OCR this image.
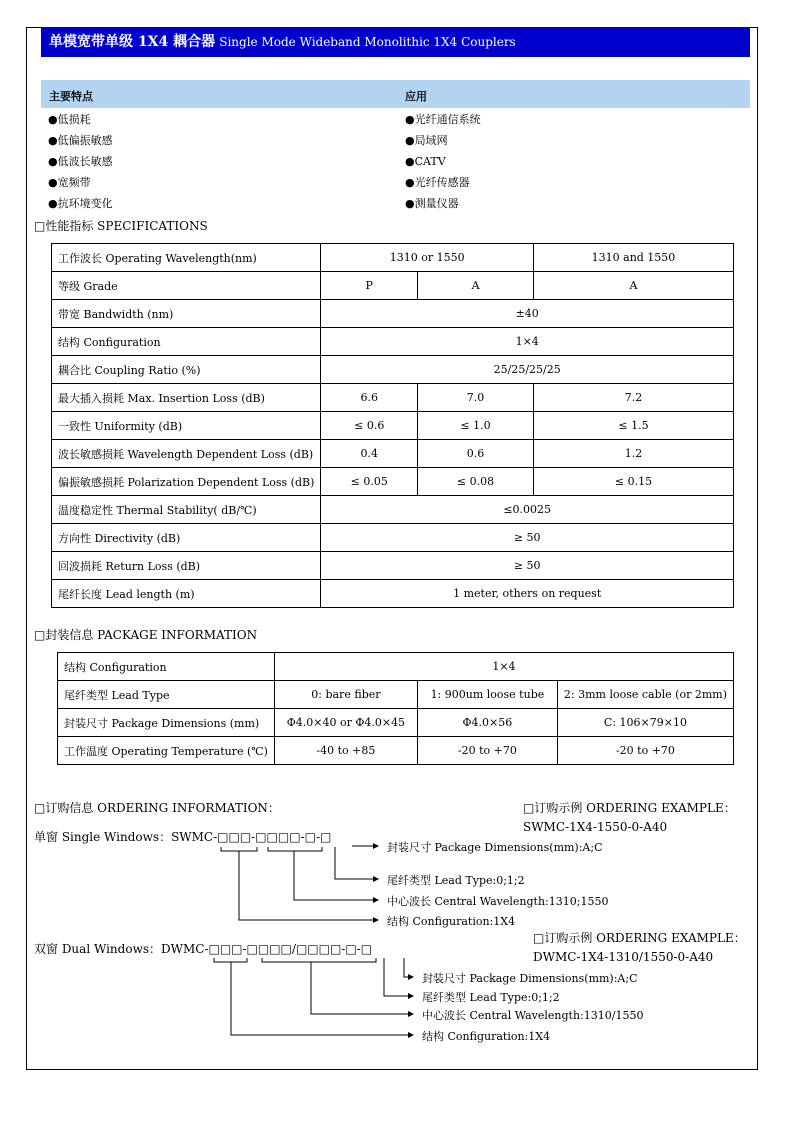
单模宽带单级 1X4 耦合器 Single Mode Wideband Monolithic 1X4 Couplers
主要特点	应用
●低损耗
●低偏振敏感
●低波长敏感
●宽频带
●抗环境变化
●光纤通信系统
●局域网
●CATV
●光纤传感器
●测量仪器
□性能指标 SPECIFICATIONS
工作波长 Operating Wavelength(nm)	1310 or 1550		1310 and 1550
等级 Grade	P	A	A
带宽 Bandwidth (nm)	±40		
结构 Configuration	1×4		
耦合比 Coupling Ratio (%)	25/25/25/25		
最大插入损耗 Max. Insertion Loss (dB)	6.6	7.0	7.2
一致性 Uniformity (dB)	≤ 0.6	≤ 1.0	≤ 1.5
波长敏感损耗 Wavelength Dependent Loss (dB)	0.4	0.6	1.2
偏振敏感损耗 Polarization Dependent Loss (dB)	≤ 0.05	≤ 0.08	≤ 0.15
温度稳定性 Thermal Stability( dB/℃)	≤0.0025		
方向性 Directivity (dB)	≥ 50		
回波损耗 Return Loss (dB)	≥ 50		
尾纤长度 Lead length (m)	1 meter, others on request		
□封装信息 PACKAGE INFORMATION
结构 Configuration	1×4		
尾纤类型 Lead Type	0: bare fiber	1: 900um loose tube	2: 3mm loose cable (or 2mm)
封装尺寸 Package Dimensions (mm)	Φ4.0×40 or Φ4.0×45	Φ4.0×56	C: 106×79×10
工作温度 Operating Temperature (℃)	-40 to +85	-20 to +70	-20 to +70
□订购信息 ORDERING INFORMATION：	□订购示例 ORDERING EXAMPLE：
SWMC-1X4-1550-0-A40
单窗 Single Windows：SWMC-□□□-□□□□-□-□
封装尺寸 Package Dimensions(mm):A;C
尾纤类型 Lead Type:0;1;2
中心波长 Central Wavelength:1310;1550
结构 Configuration:1X4
□订购示例 ORDERING EXAMPLE：
DWMC-1X4-1310/1550-0-A40
双窗 Dual Windows：DWMC-□□□-□□□□/□□□□-□-□
封装尺寸 Package Dimensions(mm):A;C
尾纤类型 Lead Type:0;1;2
中心波长 Central Wavelength:1310/1550
结构 Configuration:1X4
